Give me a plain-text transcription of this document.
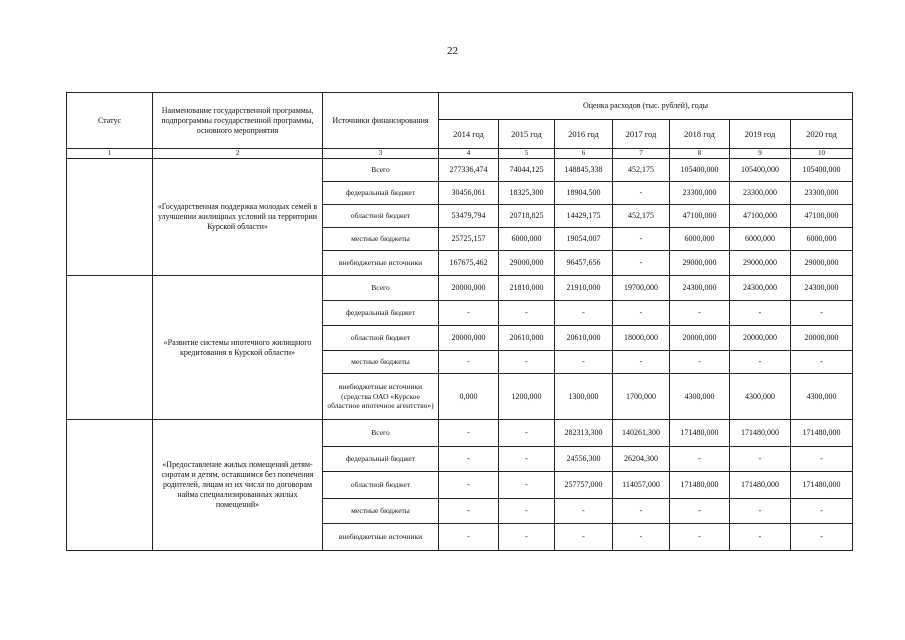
22
Статус	Наименование государственной программы, подпрограммы государственной программы, основного мероприятия	Источники финансирования	Оценка расходов (тыс. рублей), годы						
			2014 год	2015 год	2016 год	2017 год	2018 год	2019 год	2020 год
1	2	3	4	5	6	7	8	9	10
	«Государственная поддержка молодых семей в улучшении жилищных условий на территории Курской области»	Всего	277336,474	74044,125	148845,338	452,175	105400,000	105400,000	105400,000
		федеральный бюджет	30456,061	18325,300	18904,500	-	23300,000	23300,000	23300,000
		областной бюджет	53479,794	20718,825	14429,175	452,175	47100,000	47100,000	47100,000
		местные бюджеты	25725,157	6000,000	19054,007	-	6000,000	6000,000	6000,000
		внебюджетные источники	167675,462	29000,000	96457,656	-	29000,000	29000,000	29000,000
	«Развитие системы ипотечного жилищного кредитования в Курской области»	Всего	20000,000	21810,000	21910,000	19700,000	24300,000	24300,000	24300,000
		федеральный бюджет	-	-	-	-	-	-	-
		областной бюджет	20000,000	20610,000	20610,000	18000,000	20000,000	20000,000	20000,000
		местные бюджеты	-	-	-	-	-	-	-
		внебюджетные источники (средства ОАО «Курское областное ипотечное агентство»)	0,000	1200,000	1300,000	1700,000	4300,000	4300,000	4300,000
	«Предоставление жилых помещений детям-сиротам и детям, оставшимся без попечения родителей, лицам из их числа по договорам найма специализированных жилых помещений»	Всего	-	-	282313,300	140261,300	171480,000	171480,000	171480,000
		федеральный бюджет	-	-	24556,300	26204,300	-	-	-
		областной бюджет	-	-	257757,000	114057,000	171480,000	171480,000	171480,000
		местные бюджеты	-	-	-	-	-	-	-
		внебюджетные источники	-	-	-	-	-	-	-
